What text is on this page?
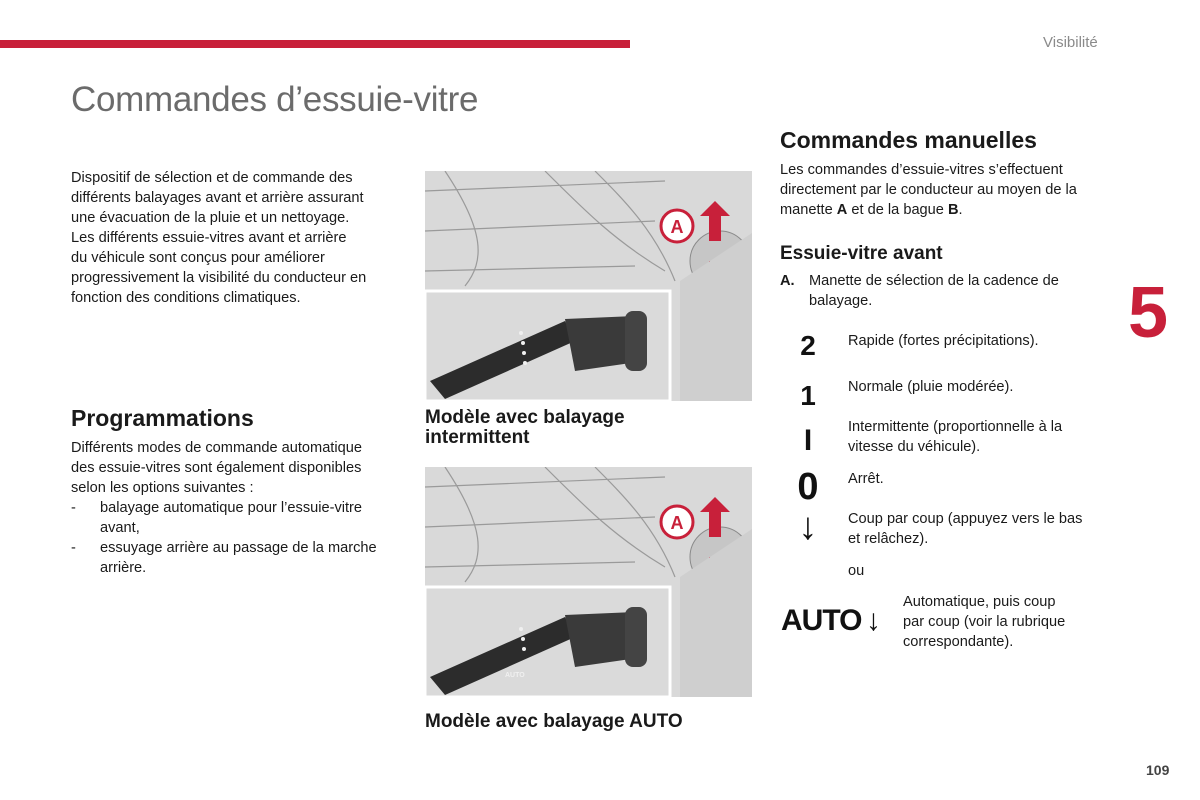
Visibilité
Commandes d’essuie-vitre
Dispositif de sélection et de commande des
différents balayages avant et arrière assurant
une évacuation de la pluie et un nettoyage.
Les différents essuie-vitres avant et arrière
du véhicule sont conçus pour améliorer
progressivement la visibilité du conducteur en
fonction des conditions climatiques.
Programmations
Différents modes de commande automatique
des essuie-vitres sont également disponibles
selon les options suivantes :
- balayage automatique pour l’essuie-vitre
avant,
- essuyage arrière au passage de la marche
arrière.
A
Modèle avec balayage
intermittent
A
AUTO
Modèle avec balayage AUTO
Commandes manuelles
Les commandes d’essuie-vitres s’effectuent
directement par le conducteur au moyen de la
manette A et de la bague B.
Essuie-vitre avant
A. Manette de sélection de la cadence de
balayage.
2	Rapide (fortes précipitations).
1	Normale (pluie modérée).
I	Intermittente (proportionnelle à la
vitesse du véhicule).
0	Arrêt.
↓	Coup par coup (appuyez vers le bas
et relâchez).
ou
AUTO ↓
Automatique, puis coup
par coup (voir la rubrique
correspondante).
5
109
